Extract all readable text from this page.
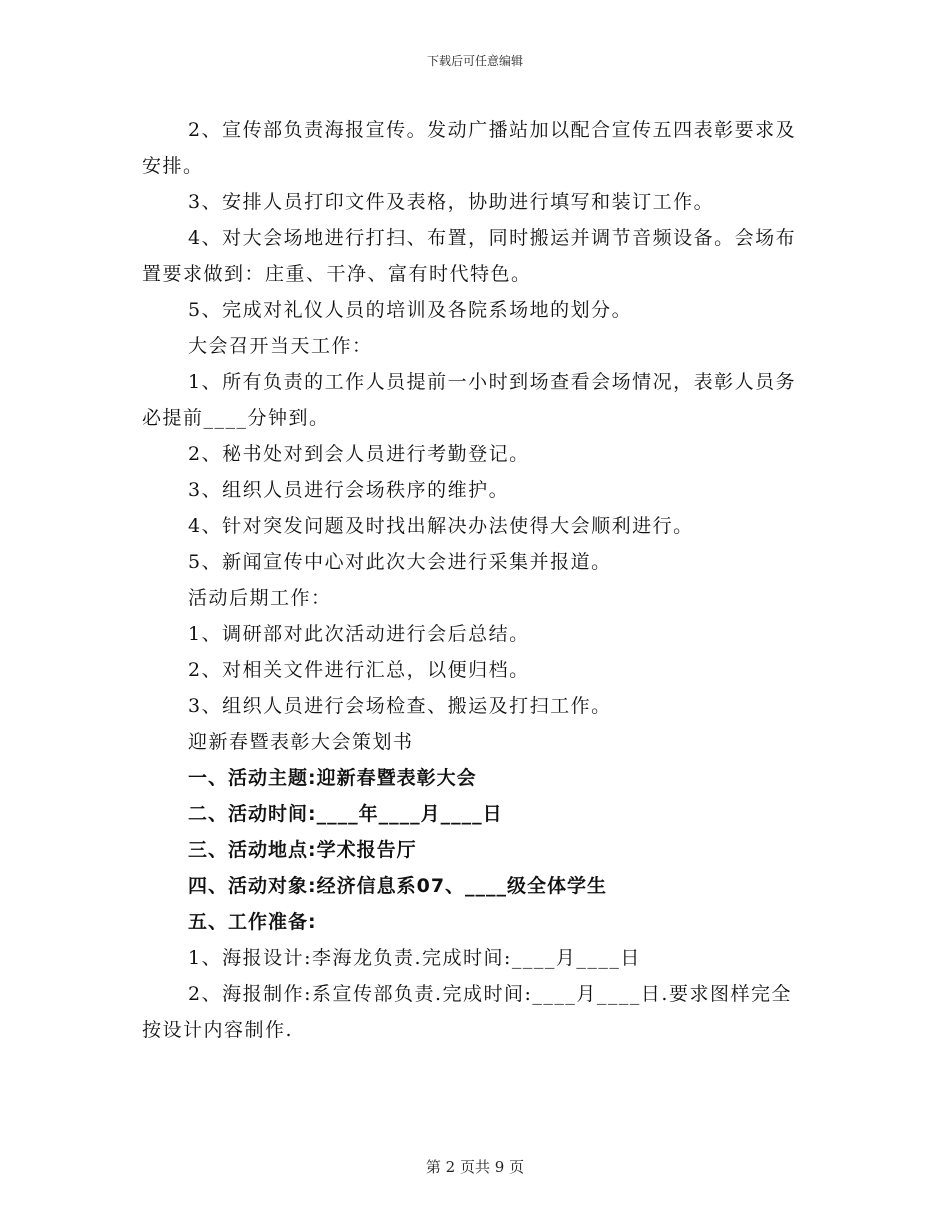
下载后可任意编辑

2、宣传部负责海报宣传。发动广播站加以配合宣传五四表彰要求及安排。

3、安排人员打印文件及表格，协助进行填写和装订工作。

4、对大会场地进行打扫、布置，同时搬运并调节音频设备。会场布置要求做到：庄重、干净、富有时代特色。

5、完成对礼仪人员的培训及各院系场地的划分。

大会召开当天工作：

1、所有负责的工作人员提前一小时到场查看会场情况，表彰人员务必提前____分钟到。

2、秘书处对到会人员进行考勤登记。

3、组织人员进行会场秩序的维护。

4、针对突发问题及时找出解决办法使得大会顺利进行。

5、新闻宣传中心对此次大会进行采集并报道。

活动后期工作：

1、调研部对此次活动进行会后总结。

2、对相关文件进行汇总，以便归档。

3、组织人员进行会场检查、搬运及打扫工作。

迎新春暨表彰大会策划书

一、活动主题:迎新春暨表彰大会

二、活动时间:____年____月____日

三、活动地点:学术报告厅

四、活动对象:经济信息系07、____级全体学生

五、工作准备:

1、海报设计:李海龙负责.完成时间:____月____日

2、海报制作:系宣传部负责.完成时间:____月____日.要求图样完全按设计内容制作.

第 2 页共 9 页
